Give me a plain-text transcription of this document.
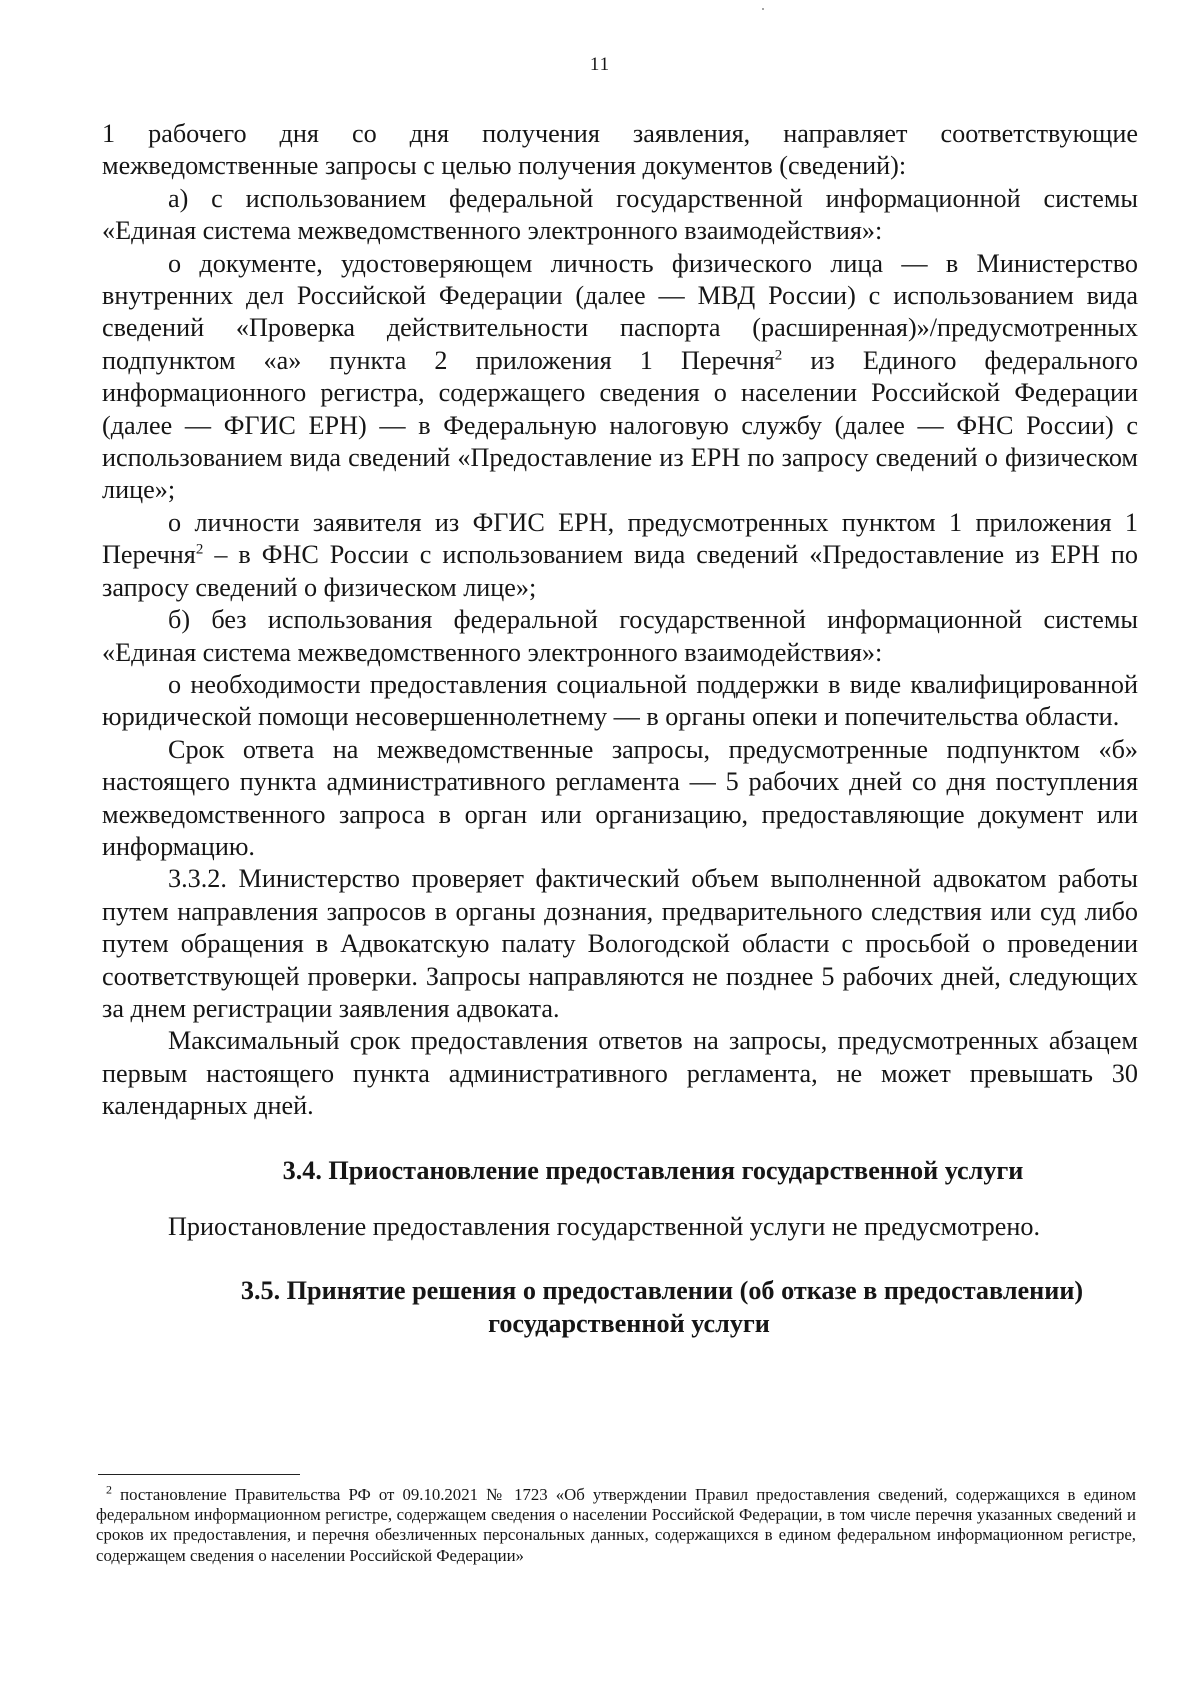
11

1 рабочего дня со дня получения заявления, направляет соответствующие межведомственные запросы с целью получения документов (сведений):

а) с использованием федеральной государственной информационной системы «Единая система межведомственного электронного взаимодействия»:

о документе, удостоверяющем личность физического лица — в Министерство внутренних дел Российской Федерации (далее — МВД России) с использованием вида сведений «Проверка действительности паспорта (расширенная)»/предусмотренных подпунктом «а» пункта 2 приложения 1 Перечня$^2$ из Единого федерального информационного регистра, содержащего сведения о населении Российской Федерации (далее — ФГИС ЕРН) — в Федеральную налоговую службу (далее — ФНС России) с использованием вида сведений «Предоставление из ЕРН по запросу сведений о физическом лице»;

о личности заявителя из ФГИС ЕРН, предусмотренных пунктом 1 приложения 1 Перечня$^2$ – в ФНС России с использованием вида сведений «Предоставление из ЕРН по запросу сведений о физическом лице»;

б) без использования федеральной государственной информационной системы «Единая система межведомственного электронного взаимодействия»:

о необходимости предоставления социальной поддержки в виде квалифицированной юридической помощи несовершеннолетнему — в органы опеки и попечительства области.

Срок ответа на межведомственные запросы, предусмотренные подпунктом «б» настоящего пункта административного регламента — 5 рабочих дней со дня поступления межведомственного запроса в орган или организацию, предоставляющие документ или информацию.

3.3.2. Министерство проверяет фактический объем выполненной адвокатом работы путем направления запросов в органы дознания, предварительного следствия или суд либо путем обращения в Адвокатскую палату Вологодской области с просьбой о проведении соответствующей проверки. Запросы направляются не позднее 5 рабочих дней, следующих за днем регистрации заявления адвоката.

Максимальный срок предоставления ответов на запросы, предусмотренных абзацем первым настоящего пункта административного регламента, не может превышать 30 календарных дней.

3.4. Приостановление предоставления государственной услуги

Приостановление предоставления государственной услуги не предусмотрено.

3.5. Принятие решения о предоставлении (об отказе в предоставлении) государственной услуги

$^2$ постановление Правительства РФ от 09.10.2021 № 1723 «Об утверждении Правил предоставления сведений, содержащихся в едином федеральном информационном регистре, содержащем сведения о населении Российской Федерации, в том числе перечня указанных сведений и сроков их предоставления, и перечня обезличенных персональных данных, содержащихся в едином федеральном информационном регистре, содержащем сведения о населении Российской Федерации»
